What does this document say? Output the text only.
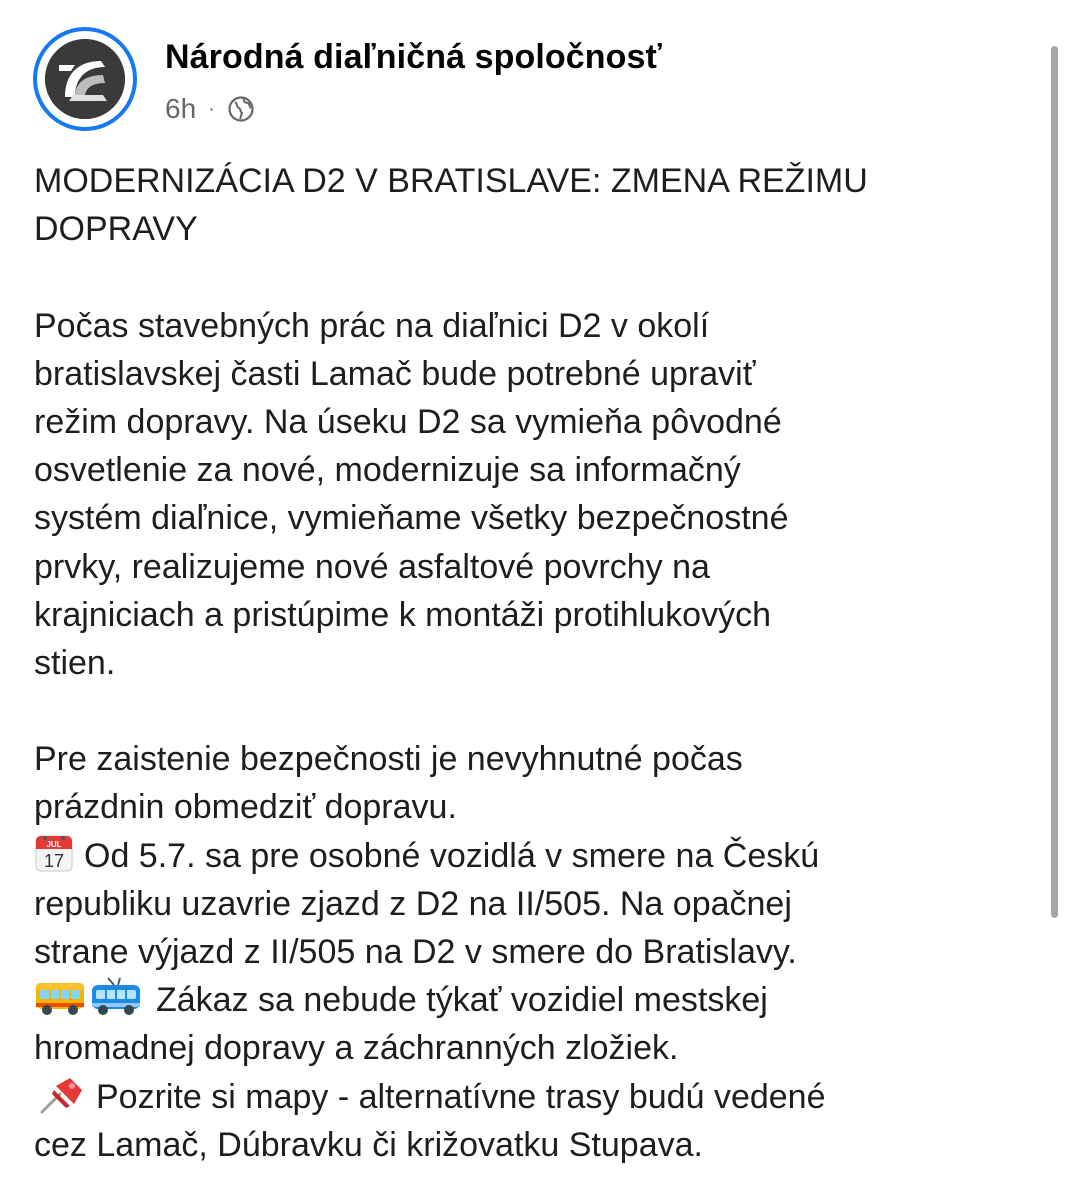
Národná diaľničná spoločnosť
6h ·
MODERNIZÁCIA D2 V BRATISLAVE: ZMENA REŽIMU
DOPRAVY
Počas stavebných prác na diaľnici D2 v okolí
bratislavskej časti Lamač bude potrebné upraviť
režim dopravy. Na úseku D2 sa vymieňa pôvodné
osvetlenie za nové, modernizuje sa informačný
systém diaľnice, vymieňame všetky bezpečnostné
prvky, realizujeme nové asfaltové povrchy na
krajniciach a pristúpime k montáži protihlukových
stien.
Pre zaistenie bezpečnosti je nevyhnutné počas
prázdnin obmedziť dopravu.
JUL
17 Od 5.7. sa pre osobné vozidlá v smere na Českú
republiku uzavrie zjazd z D2 na II/505. Na opačnej
strane výjazd z II/505 na D2 v smere do Bratislavy.
Zákaz sa nebude týkať vozidiel mestskej
hromadnej dopravy a záchranných zložiek.
Pozrite si mapy - alternatívne trasy budú vedené
cez Lamač, Dúbravku či križovatku Stupava.
